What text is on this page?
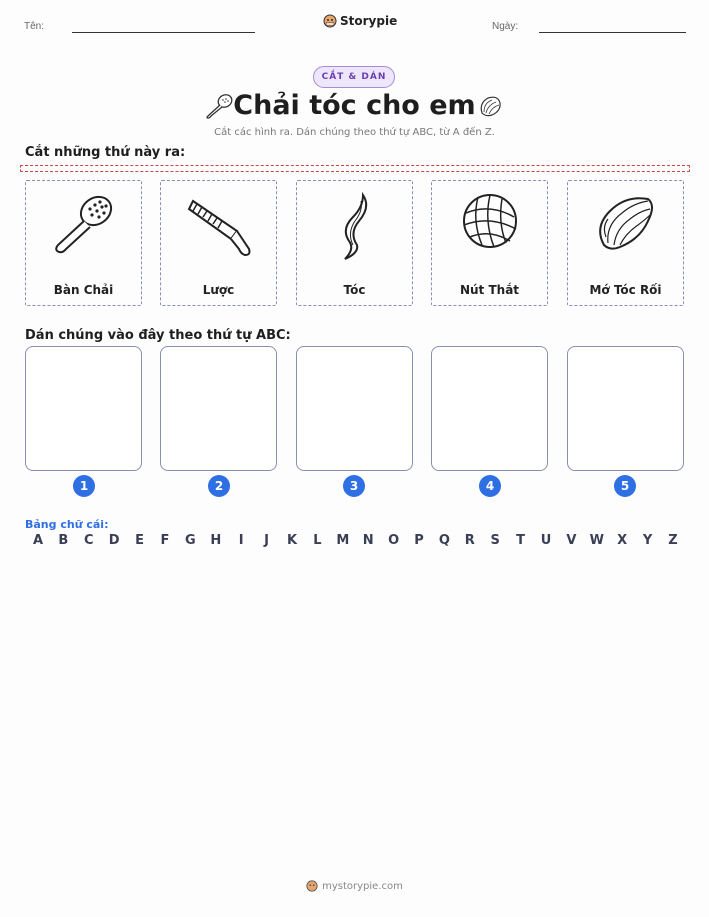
Tên:	Storypie	Ngày:
CẮT & DÁN
Chải tóc cho em
Cắt các hình ra. Dán chúng theo thứ tự ABC, từ A đến Z.
Cắt những thứ này ra:
Bàn Chải	Lược	Tóc	Nút Thắt	Mớ Tóc Rối
Dán chúng vào đây theo thứ tự ABC:
1	2	3	4	5
Bảng chữ cái:
A	B	C	D	E	F	G	H	I	J	K	L	M	N	O	P	Q	R	S	T	U	V	W	X	Y	Z
mystorypie.com
